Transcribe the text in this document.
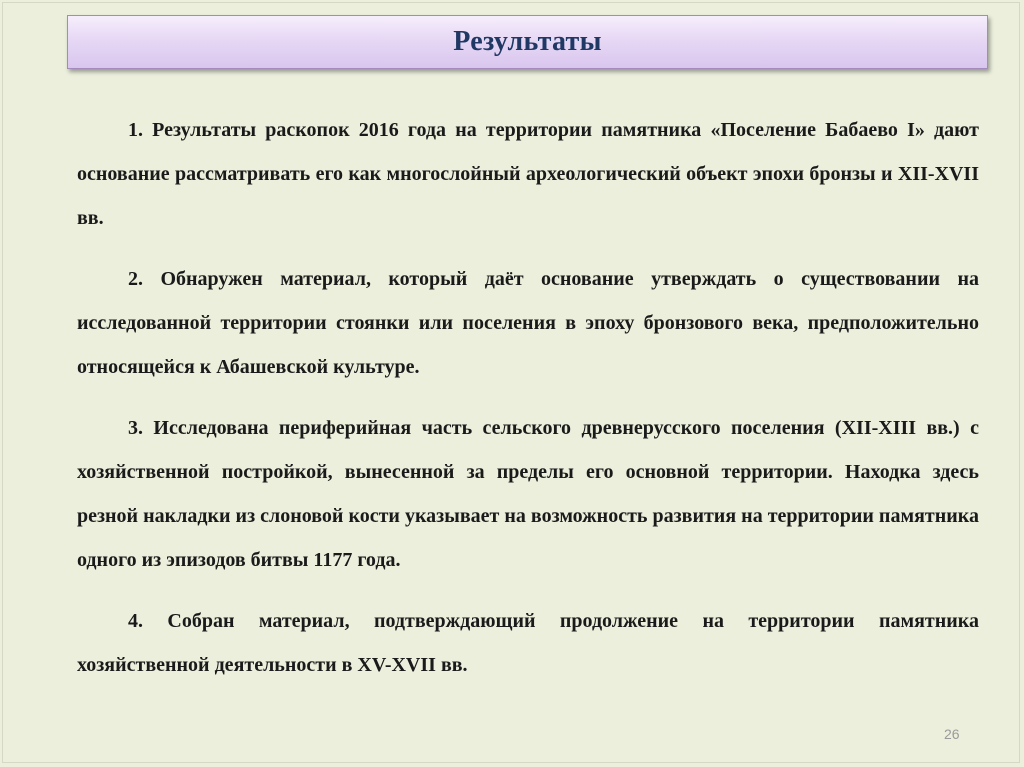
Результаты

1. Результаты раскопок 2016 года на территории памятника «Поселение Бабаево I» дают основание рассматривать его как многослойный археологический объект эпохи бронзы и XII-XVII вв.

2. Обнаружен материал, который даёт основание утверждать о существовании на исследованной территории стоянки или поселения в эпоху бронзового века, предположительно относящейся к Абашевской культуре.

3. Исследована периферийная часть сельского древнерусского поселения (XII-XIII вв.) с хозяйственной постройкой, вынесенной за пределы его основной территории. Находка здесь резной накладки из слоновой кости указывает на возможность развития на территории памятника одного из эпизодов битвы 1177 года.

4. Собран материал, подтверждающий продолжение на территории памятника хозяйственной деятельности в XV-XVII вв.

26
